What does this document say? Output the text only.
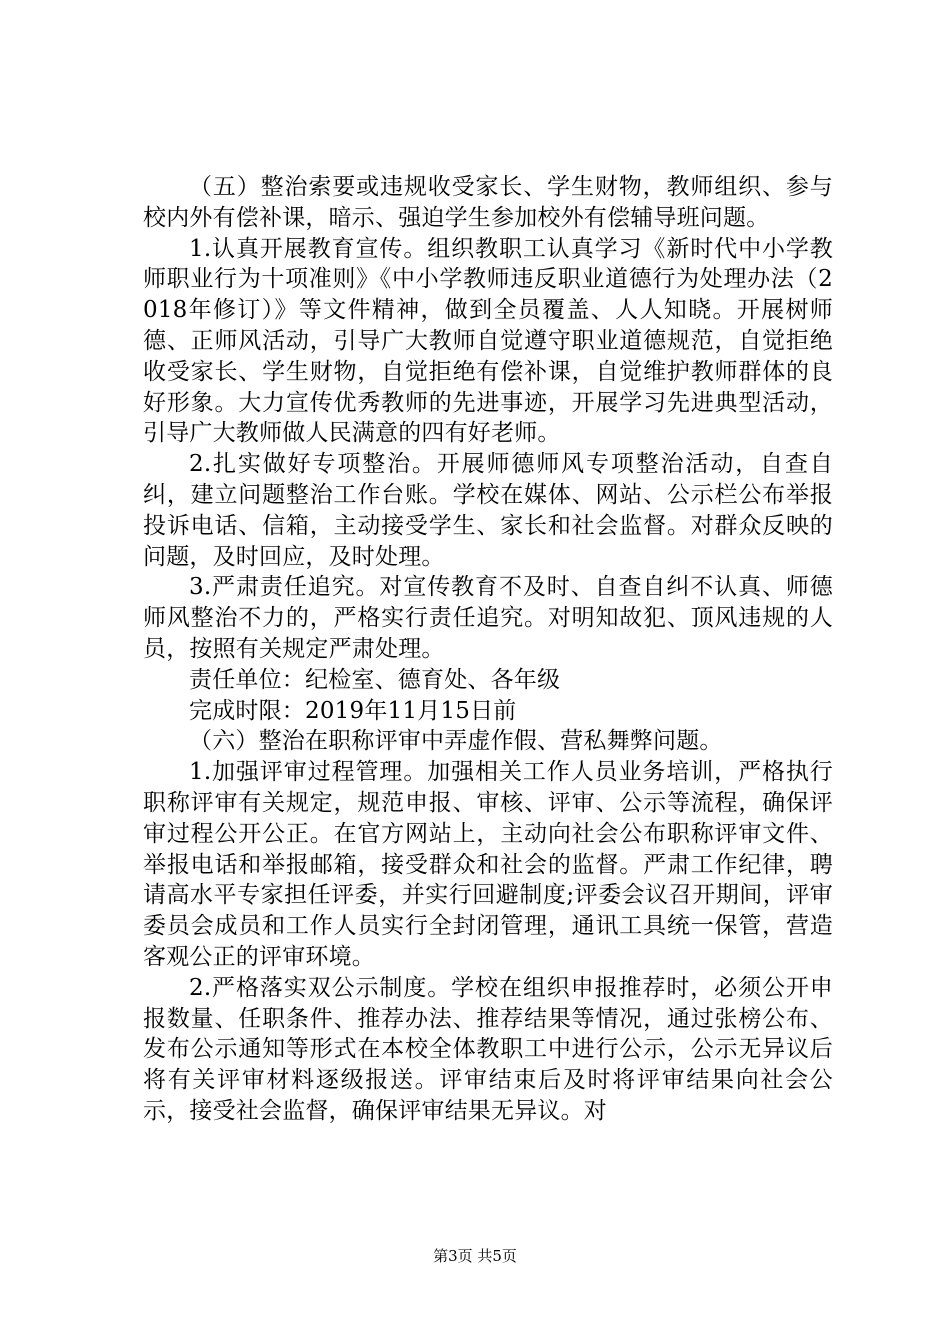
（五）整治索要或违规收受家长、学生财物，教师组织、参与校内外有偿补课，暗示、强迫学生参加校外有偿辅导班问题。

1.认真开展教育宣传。组织教职工认真学习《新时代中小学教师职业行为十项准则》《中小学教师违反职业道德行为处理办法（2018年修订）》等文件精神，做到全员覆盖、人人知晓。开展树师德、正师风活动，引导广大教师自觉遵守职业道德规范，自觉拒绝收受家长、学生财物，自觉拒绝有偿补课，自觉维护教师群体的良好形象。大力宣传优秀教师的先进事迹，开展学习先进典型活动，引导广大教师做人民满意的四有好老师。

2.扎实做好专项整治。开展师德师风专项整治活动，自查自纠，建立问题整治工作台账。学校在媒体、网站、公示栏公布举报投诉电话、信箱，主动接受学生、家长和社会监督。对群众反映的问题，及时回应，及时处理。

3.严肃责任追究。对宣传教育不及时、自查自纠不认真、师德师风整治不力的，严格实行责任追究。对明知故犯、顶风违规的人员，按照有关规定严肃处理。

责任单位：纪检室、德育处、各年级

完成时限：2019年11月15日前

（六）整治在职称评审中弄虚作假、营私舞弊问题。

1.加强评审过程管理。加强相关工作人员业务培训，严格执行职称评审有关规定，规范申报、审核、评审、公示等流程，确保评审过程公开公正。在官方网站上，主动向社会公布职称评审文件、举报电话和举报邮箱，接受群众和社会的监督。严肃工作纪律，聘请高水平专家担任评委，并实行回避制度;评委会议召开期间，评审委员会成员和工作人员实行全封闭管理，通讯工具统一保管，营造客观公正的评审环境。

2.严格落实双公示制度。学校在组织申报推荐时，必须公开申报数量、任职条件、推荐办法、推荐结果等情况，通过张榜公布、发布公示通知等形式在本校全体教职工中进行公示，公示无异议后将有关评审材料逐级报送。评审结束后及时将评审结果向社会公示，接受社会监督，确保评审结果无异议。对

第3页 共5页
